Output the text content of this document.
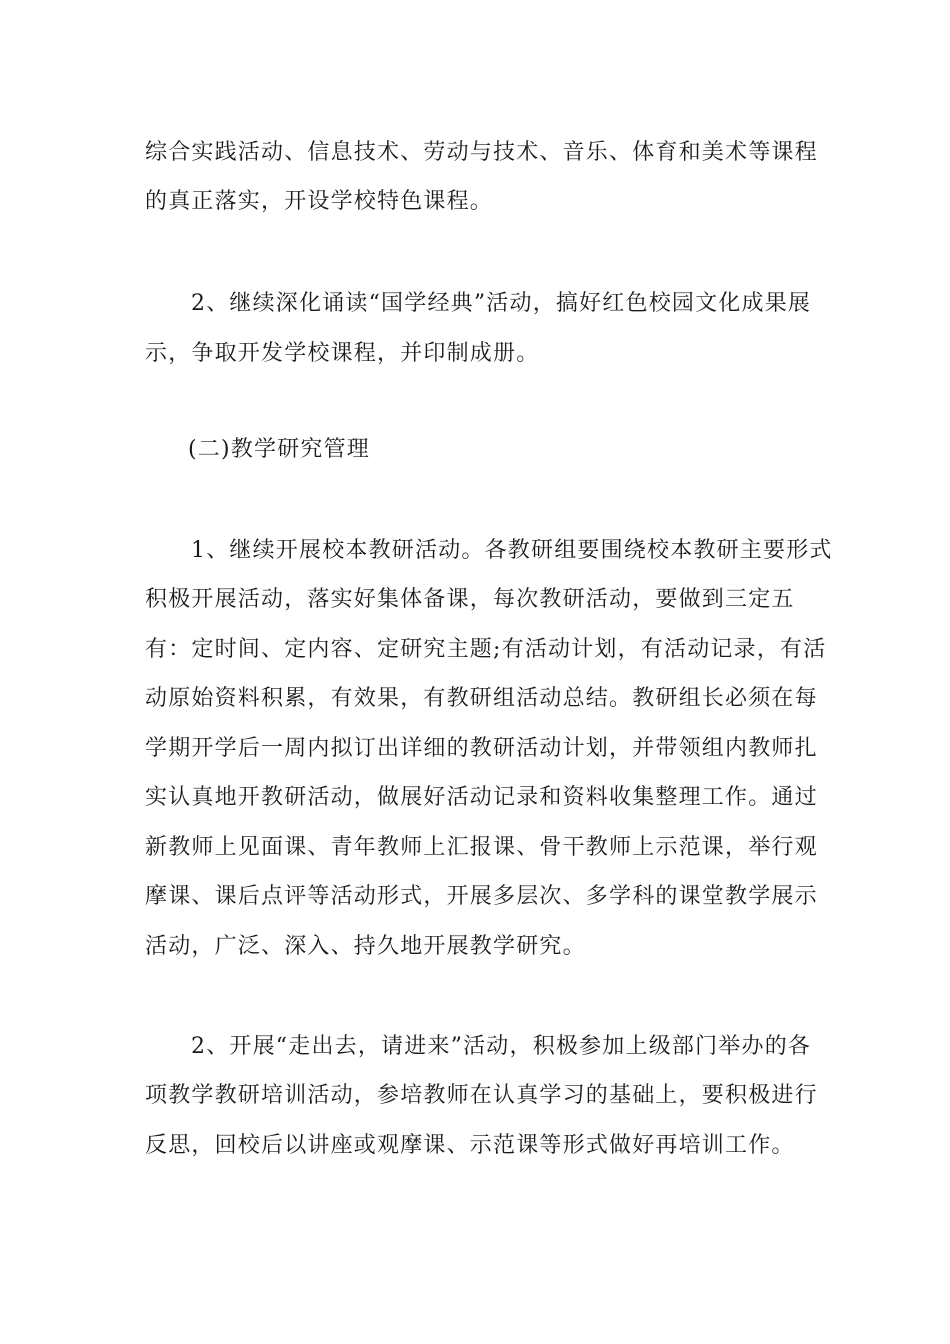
综合实践活动、信息技术、劳动与技术、音乐、体育和美术等课程
的真正落实，开设学校特色课程。
2、继续深化诵读“国学经典”活动，搞好红色校园文化成果展
示，争取开发学校课程，并印制成册。
(二)教学研究管理
1、继续开展校本教研活动。各教研组要围绕校本教研主要形式
积极开展活动，落实好集体备课，每次教研活动，要做到三定五
有：定时间、定内容、定研究主题;有活动计划，有活动记录，有活
动原始资料积累，有效果，有教研组活动总结。教研组长必须在每
学期开学后一周内拟订出详细的教研活动计划，并带领组内教师扎
实认真地开教研活动，做展好活动记录和资料收集整理工作。通过
新教师上见面课、青年教师上汇报课、骨干教师上示范课，举行观
摩课、课后点评等活动形式，开展多层次、多学科的课堂教学展示
活动，广泛、深入、持久地开展教学研究。
2、开展“走出去，请进来”活动，积极参加上级部门举办的各
项教学教研培训活动，参培教师在认真学习的基础上，要积极进行
反思，回校后以讲座或观摩课、示范课等形式做好再培训工作。
